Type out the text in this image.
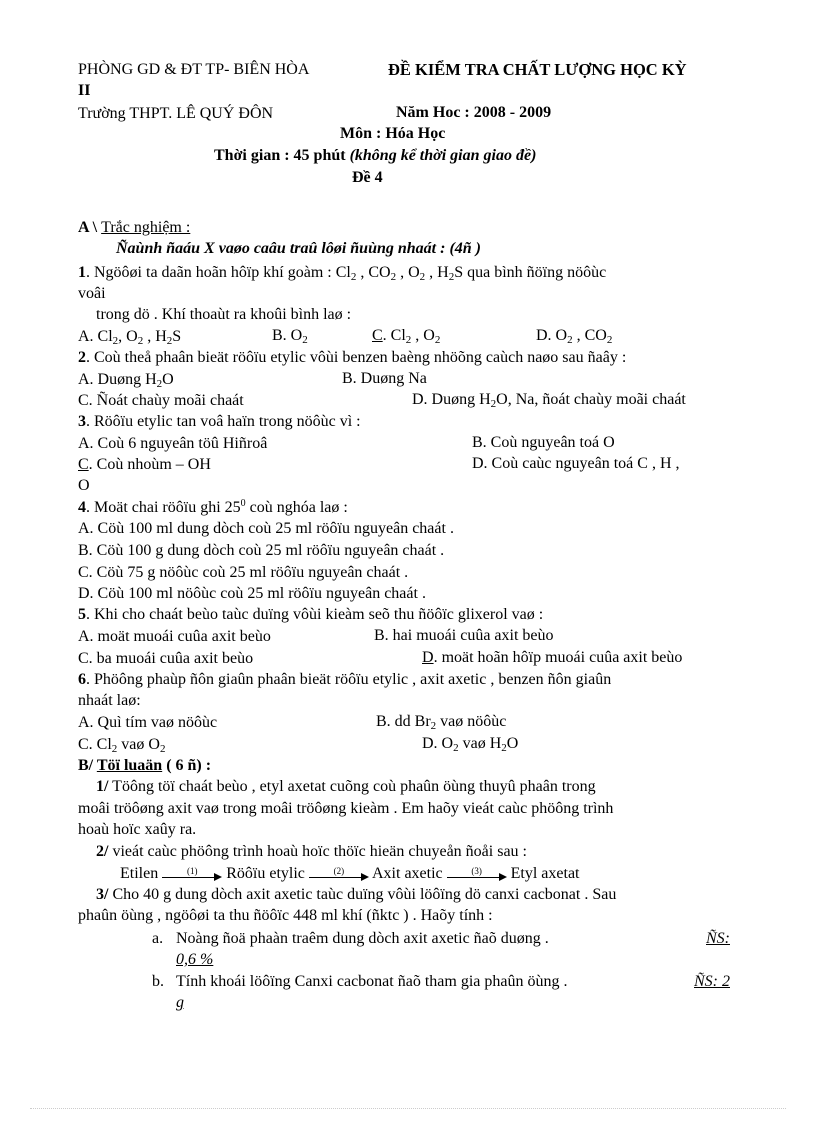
PHÒNG GD & ĐT TP- BIÊN HÒA	ĐỀ KIỂM TRA CHẤT LƯỢNG HỌC KỲ
II
Trường THPT. LÊ QUÝ ĐÔN	Năm Hoc : 2008 - 2009
Môn : Hóa Học
Thời gian : 45 phút (không kể thời gian giao đề)
Đề 4
A \ Trắc nghiệm :
Ñaùnh ñaáu X vaøo caâu traû lôøi ñuùng nhaát : (4ñ )
1. Ngöôøi ta daãn hoãn hôïp khí goàm : $Cl_2$ , $CO_2$ , $O_2$ , $H_2S$ qua bình ñöïng nöôùc
voâi
trong dö . Khí thoaùt ra khoûi bình laø :
A. $Cl_2$, $O_2$ , $H_2S$	B. $O_2$	C. $Cl_2$ , $O_2$	D. $O_2$ , $CO_2$
2. Coù theå phaân bieät röôïu etylic vôùi benzen baèng nhöõng caùch naøo sau ñaây :
A. Duøng $H_2O$	B. Duøng Na
C. Ñoát chaùy moãi chaát	D. Duøng $H_2O$, Na, ñoát chaùy moãi chaát
3. Röôïu etylic tan voâ haïn trong nöôùc vì :
A. Coù 6 nguyeân töû Hiñroâ	B. Coù nguyeân toá O
C. Coù nhoùm – OH	D. Coù caùc nguyeân toá C , H ,
O
4. Moät chai röôïu ghi $25^0$ coù nghóa laø :
A. Cöù 100 ml dung dòch coù 25 ml röôïu nguyeân chaát .
B. Cöù 100 g dung dòch coù 25 ml röôïu nguyeân chaát .
C. Cöù 75 g nöôùc coù 25 ml röôïu nguyeân chaát .
D. Cöù 100 ml nöôùc coù 25 ml röôïu nguyeân chaát .
5. Khi cho chaát beùo taùc duïng vôùi kieàm seõ thu ñöôïc glixerol vaø :
A. moät muoái cuûa axit beùo	B. hai muoái cuûa axit beùo
C. ba muoái cuûa axit beùo	D. moät hoãn hôïp muoái cuûa axit beùo
6. Phöông phaùp ñôn giaûn phaân bieät röôïu etylic , axit axetic , benzen ñôn giaûn
nhaát laø:
A. Quì tím vaø nöôùc	B. dd $Br_2$ vaø nöôùc
C. $Cl_2$ vaø $O_2$	D. $O_2$ vaø $H_2O$
B/ Töï luaän ( 6 ñ) :
1/ Töông töï chaát beùo , etyl axetat cuõng coù phaûn öùng thuyû phaân trong
moâi tröôøng axit vaø trong moâi tröôøng kieàm . Em haõy vieát caùc phöông trình
hoaù hoïc xaûy ra.
2/ vieát caùc phöông trình hoaù hoïc thöïc hieän chuyeån ñoåi sau :
Etilen	(1)	Röôïu etylic	(2)	Axit axetic	(3)	Etyl axetat
3/ Cho 40 g dung dòch axit axetic taùc duïng vôùi löôïng dö canxi cacbonat . Sau
phaûn öùng , ngöôøi ta thu ñöôïc 448 ml khí (ñktc ) . Haõy tính :
a. Noàng ñoä phaàn traêm dung dòch axit axetic ñaõ duøng .	ÑS:
0,6 %
b. Tính khoái löôïng Canxi cacbonat ñaõ tham gia phaûn öùng .	ÑS: 2
g
